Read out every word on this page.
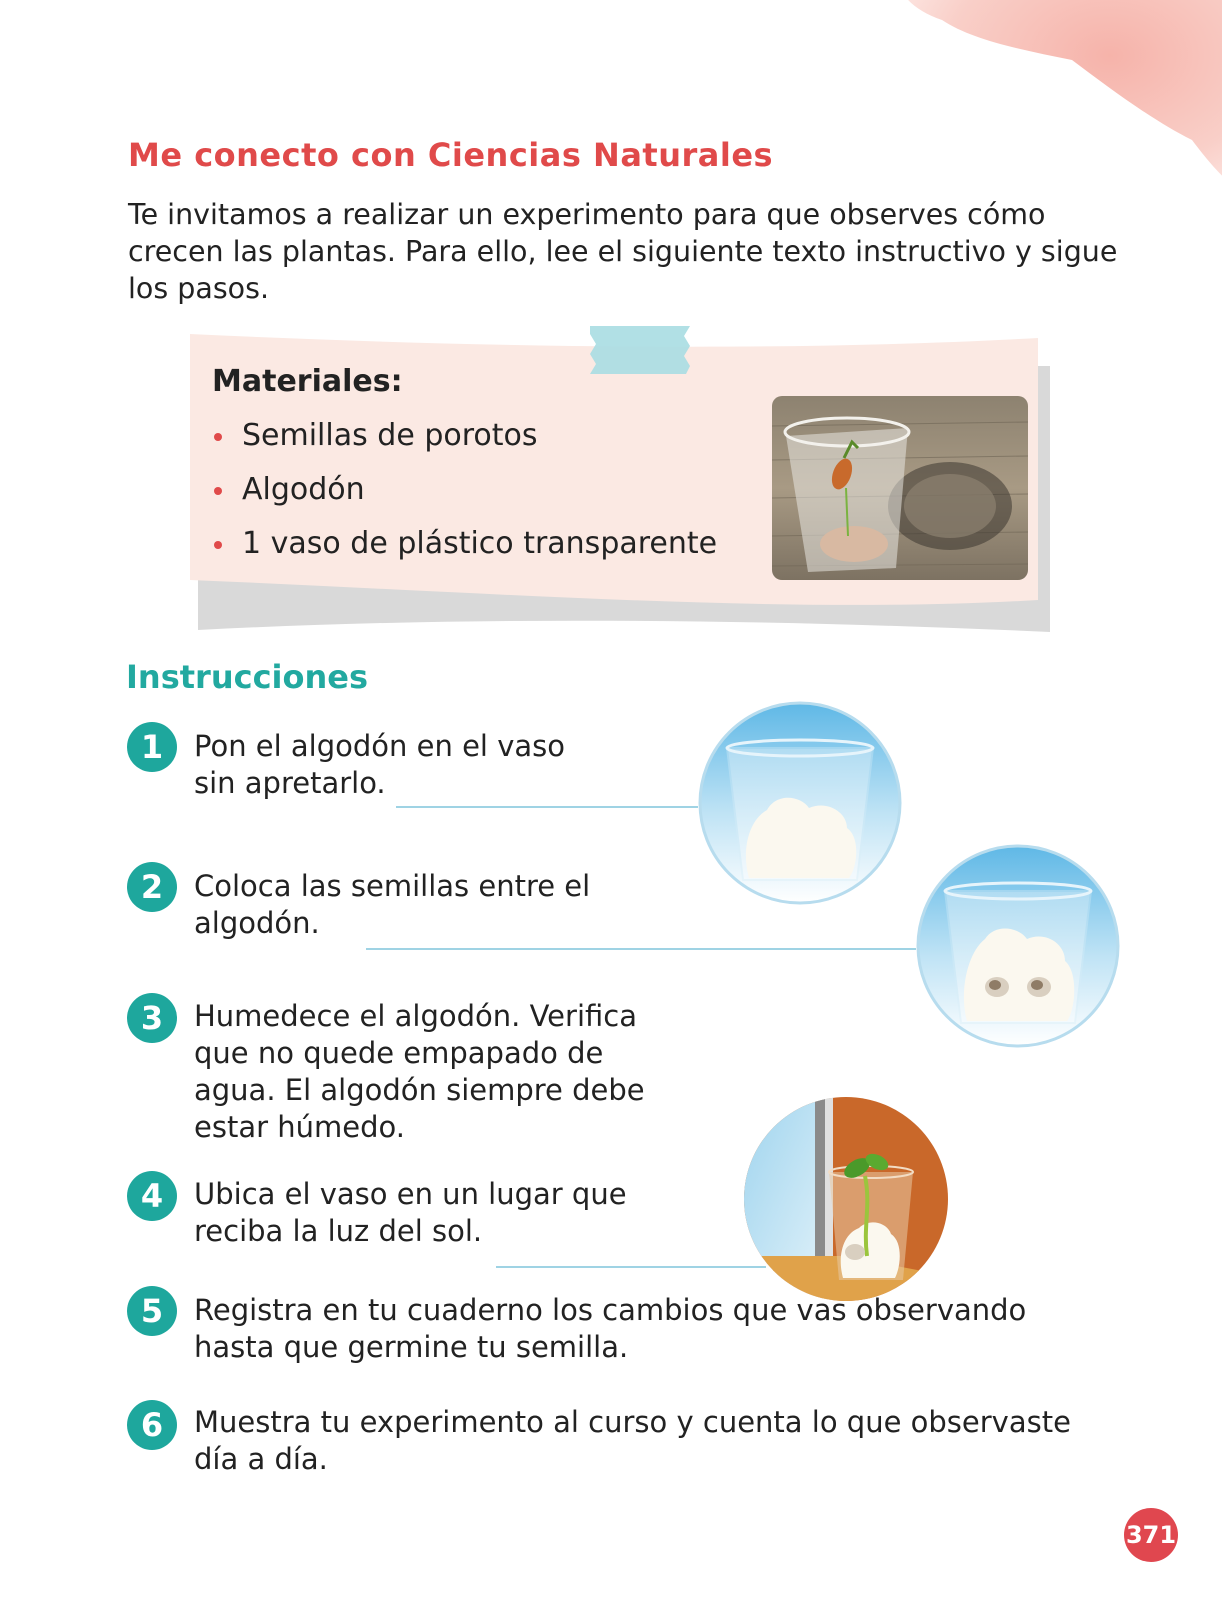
Me conecto con Ciencias Naturales

Te invitamos a realizar un experimento para que observes cómo crecen las plantas. Para ello, lee el siguiente texto instructivo y sigue los pasos.

Materiales:
Semillas de porotos
Algodón
1 vaso de plástico transparente
Instrucciones
1	Pon el algodón en el vaso sin apretarlo.

2	Coloca las semillas entre el algodón.

3	Humedece el algodón. Verifica que no quede empapado de agua. El algodón siempre debe estar húmedo.

4	Ubica el vaso en un lugar que reciba la luz del sol.

5	Registra en tu cuaderno los cambios que vas observando hasta que germine tu semilla.

6	Muestra tu experimento al curso y cuenta lo que observaste día a día.

371
